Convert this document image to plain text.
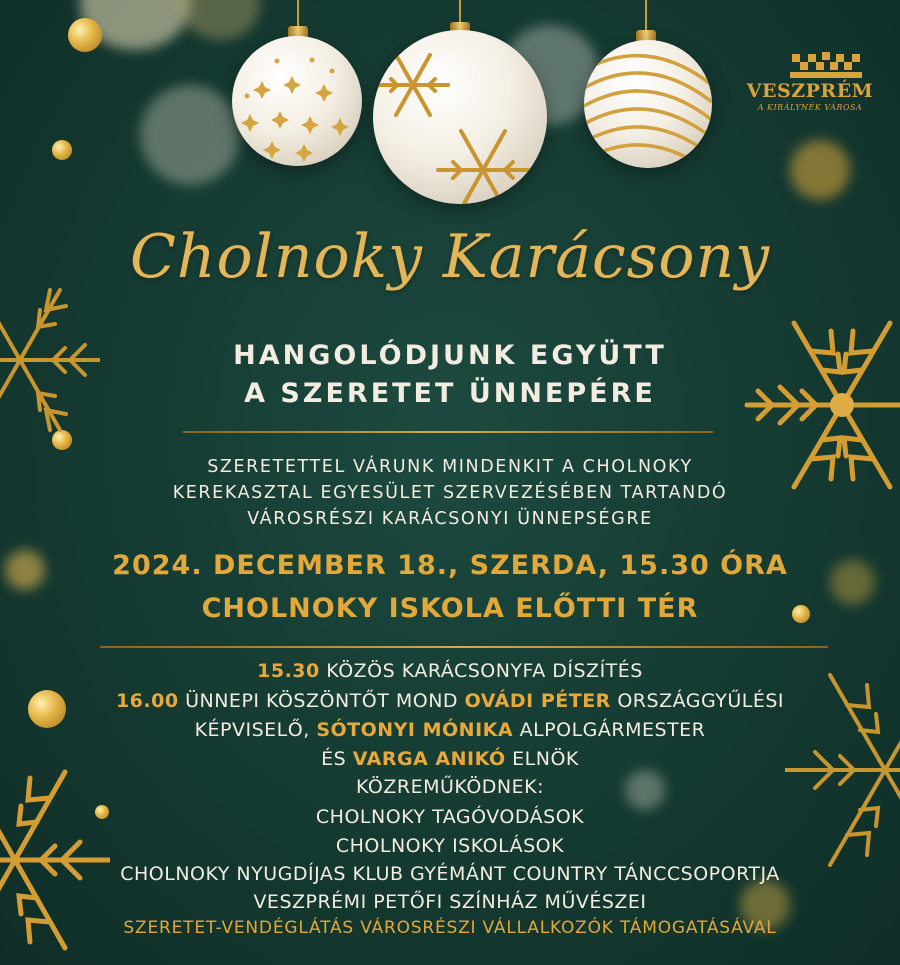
VESZPRÉM
A KIRÁLYNÉK VÁROSA
Cholnoky Karácsony
HANGOLÓDJUNK EGYÜTT
A SZERETET ÜNNEPÉRE
SZERETETTEL VÁRUNK MINDENKIT A CHOLNOKY
KEREKASZTAL EGYESÜLET SZERVEZÉSÉBEN TARTANDÓ
VÁROSRÉSZI KARÁCSONYI ÜNNEPSÉGRE
2024. DECEMBER 18., SZERDA, 15.30 ÓRA
CHOLNOKY ISKOLA ELŐTTI TÉR
15.30 KÖZÖS KARÁCSONYFA DÍSZÍTÉS
16.00 ÜNNEPI KÖSZÖNTŐT MOND OVÁDI PÉTER ORSZÁGGYŰLÉSI
KÉPVISELŐ, SÓTONYI MÓNIKA ALPOLGÁRMESTER
ÉS VARGA ANIKÓ ELNÖK
KÖZREMŰKÖDNEK:
CHOLNOKY TAGÓVODÁSOK
CHOLNOKY ISKOLÁSOK
CHOLNOKY NYUGDÍJAS KLUB GYÉMÁNT COUNTRY TÁNCCSOPORTJA
VESZPRÉMI PETŐFI SZÍNHÁZ MŰVÉSZEI
SZERETET-VENDÉGLÁTÁS VÁROSRÉSZI VÁLLALKOZÓK TÁMOGATÁSÁVAL
